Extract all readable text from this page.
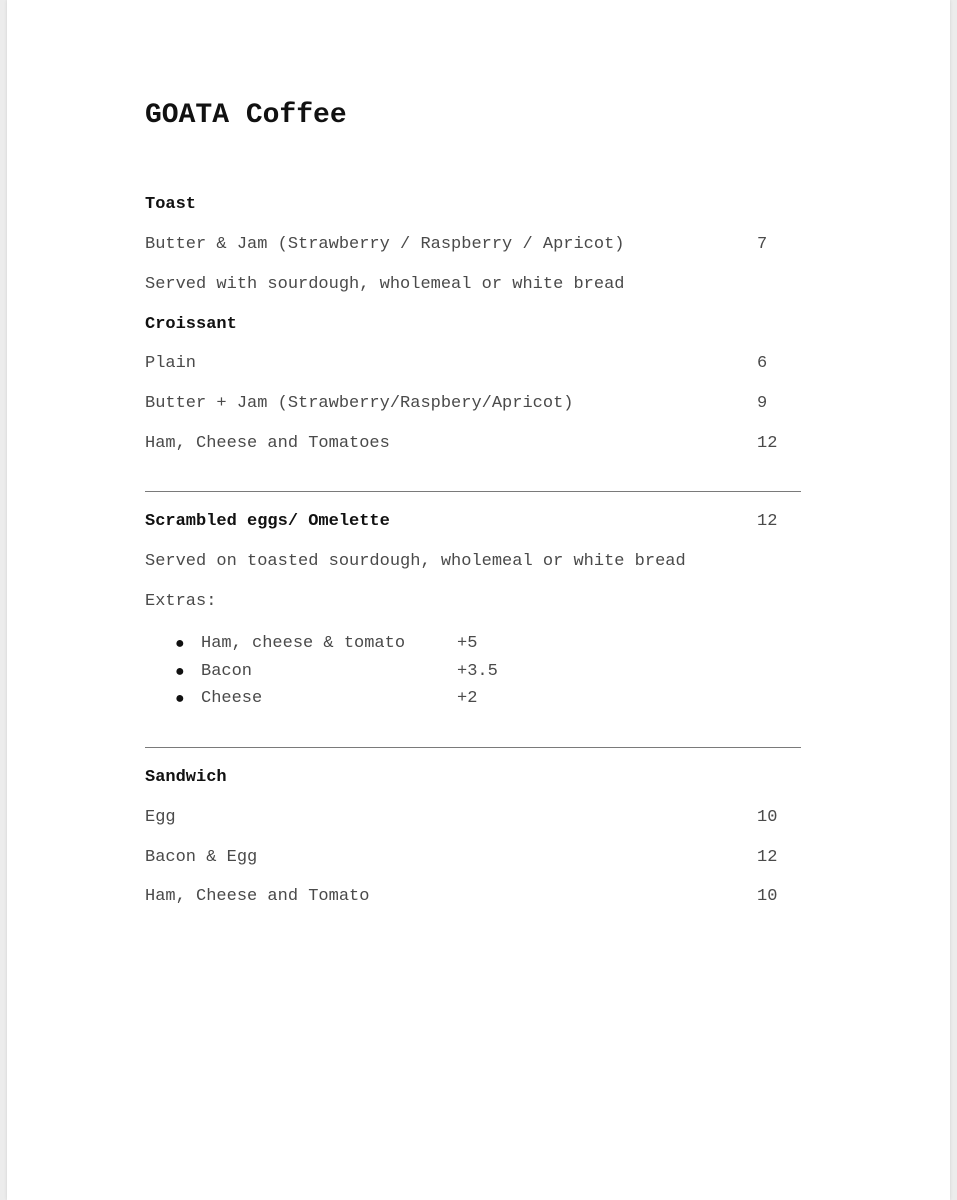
GOATA Coffee
Toast
Butter & Jam (Strawberry / Raspberry / Apricot)	7
Served with sourdough, wholemeal or white bread
Croissant
Plain	6
Butter + Jam (Strawberry/Raspbery/Apricot)	9
Ham, Cheese and Tomatoes	12
Scrambled eggs/ Omelette	12
Served on toasted sourdough, wholemeal or white bread
Extras:
● Ham, cheese & tomato	+5
● Bacon	+3.5
● Cheese	+2
Sandwich
Egg	10
Bacon & Egg	12
Ham, Cheese and Tomato	10
